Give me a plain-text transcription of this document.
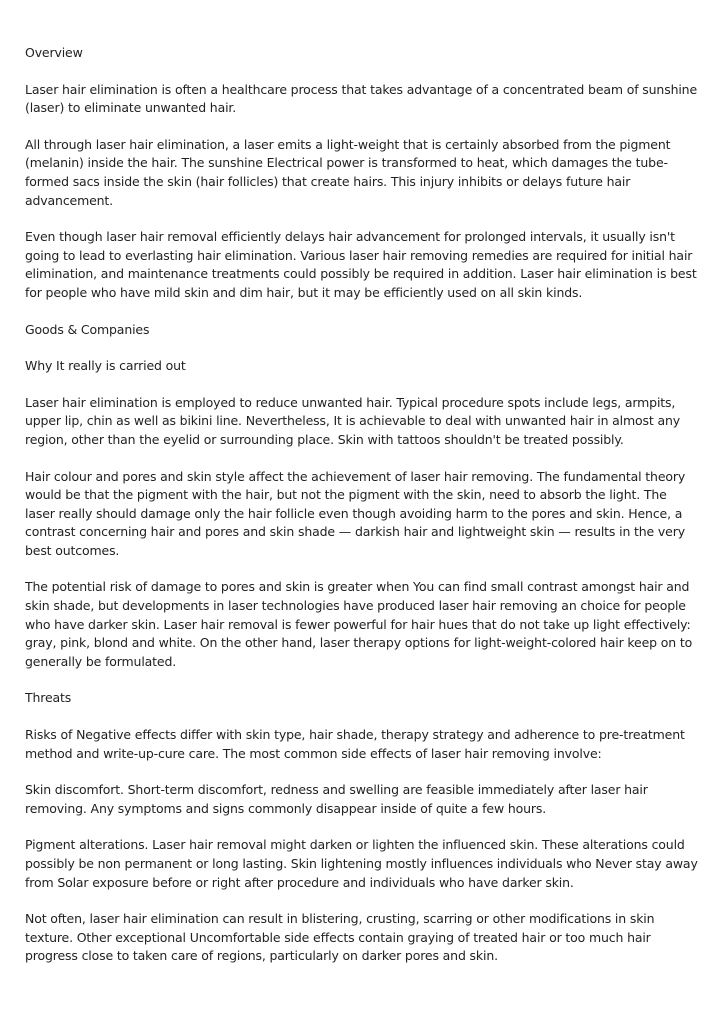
Overview

Laser hair elimination is often a healthcare process that takes advantage of a concentrated beam of sunshine (laser) to eliminate unwanted hair.

All through laser hair elimination, a laser emits a light-weight that is certainly absorbed from the pigment (melanin) inside the hair. The sunshine Electrical power is transformed to heat, which damages the tube-formed sacs inside the skin (hair follicles) that create hairs. This injury inhibits or delays future hair advancement.

Even though laser hair removal efficiently delays hair advancement for prolonged intervals, it usually isn't going to lead to everlasting hair elimination. Various laser hair removing remedies are required for initial hair elimination, and maintenance treatments could possibly be required in addition. Laser hair elimination is best for people who have mild skin and dim hair, but it may be efficiently used on all skin kinds.

Goods & Companies

Why It really is carried out

Laser hair elimination is employed to reduce unwanted hair. Typical procedure spots include legs, armpits, upper lip, chin as well as bikini line. Nevertheless, It is achievable to deal with unwanted hair in almost any region, other than the eyelid or surrounding place. Skin with tattoos shouldn't be treated possibly.

Hair colour and pores and skin style affect the achievement of laser hair removing. The fundamental theory would be that the pigment with the hair, but not the pigment with the skin, need to absorb the light. The laser really should damage only the hair follicle even though avoiding harm to the pores and skin. Hence, a contrast concerning hair and pores and skin shade — darkish hair and lightweight skin — results in the very best outcomes.

The potential risk of damage to pores and skin is greater when You can find small contrast amongst hair and skin shade, but developments in laser technologies have produced laser hair removing an choice for people who have darker skin. Laser hair removal is fewer powerful for hair hues that do not take up light effectively: gray, pink, blond and white. On the other hand, laser therapy options for light-weight-colored hair keep on to generally be formulated.

Threats

Risks of Negative effects differ with skin type, hair shade, therapy strategy and adherence to pre-treatment method and write-up-cure care. The most common side effects of laser hair removing involve:

Skin discomfort. Short-term discomfort, redness and swelling are feasible immediately after laser hair removing. Any symptoms and signs commonly disappear inside of quite a few hours.

Pigment alterations. Laser hair removal might darken or lighten the influenced skin. These alterations could possibly be non permanent or long lasting. Skin lightening mostly influences individuals who Never stay away from Solar exposure before or right after procedure and individuals who have darker skin.

Not often, laser hair elimination can result in blistering, crusting, scarring or other modifications in skin texture. Other exceptional Uncomfortable side effects contain graying of treated hair or too much hair progress close to taken care of regions, particularly on darker pores and skin.
